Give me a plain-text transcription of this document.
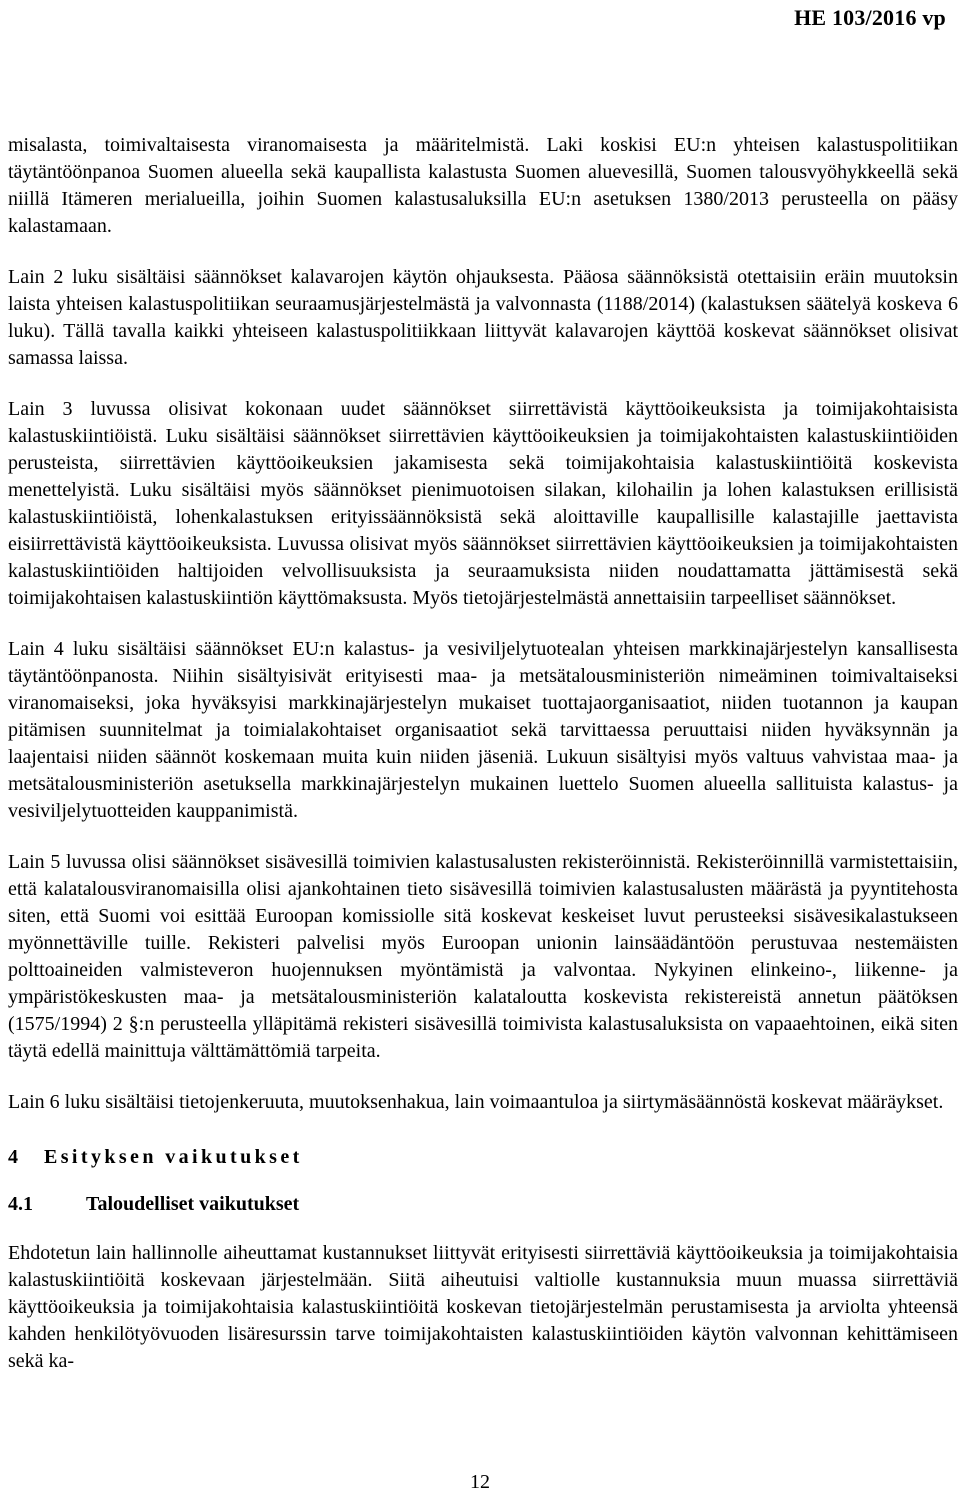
HE 103/2016 vp

misalasta, toimivaltaisesta viranomaisesta ja määritelmistä. Laki koskisi EU:n yhteisen kalastuspolitiikan täytäntöönpanoa Suomen alueella sekä kaupallista kalastusta Suomen aluevesillä, Suomen talousvyöhykkeellä sekä niillä Itämeren merialueilla, joihin Suomen kalastusaluksilla EU:n asetuksen 1380/2013 perusteella on pääsy kalastamaan.

Lain 2 luku sisältäisi säännökset kalavarojen käytön ohjauksesta. Pääosa säännöksistä otettaisiin eräin muutoksin laista yhteisen kalastuspolitiikan seuraamusjärjestelmästä ja valvonnasta (1188/2014) (kalastuksen säätelyä koskeva 6 luku). Tällä tavalla kaikki yhteiseen kalastuspolitiikkaan liittyvät kalavarojen käyttöä koskevat säännökset olisivat samassa laissa.

Lain 3 luvussa olisivat kokonaan uudet säännökset siirrettävistä käyttöoikeuksista ja toimijakohtaisista kalastuskiintiöistä. Luku sisältäisi säännökset siirrettävien käyttöoikeuksien ja toimijakohtaisten kalastuskiintiöiden perusteista, siirrettävien käyttöoikeuksien jakamisesta sekä toimijakohtaisia kalastuskiintiöitä koskevista menettelyistä. Luku sisältäisi myös säännökset pienimuotoisen silakan, kilohailin ja lohen kalastuksen erillisistä kalastuskiintiöistä, lohenkalastuksen erityissäännöksistä sekä aloittaville kaupallisille kalastajille jaettavista eisiirrettävistä käyttöoikeuksista. Luvussa olisivat myös säännökset siirrettävien käyttöoikeuksien ja toimijakohtaisten kalastuskiintiöiden haltijoiden velvollisuuksista ja seuraamuksista niiden noudattamatta jättämisestä sekä toimijakohtaisen kalastuskiintiön käyttömaksusta. Myös tietojärjestelmästä annettaisiin tarpeelliset säännökset.

Lain 4 luku sisältäisi säännökset EU:n kalastus- ja vesiviljelytuotealan yhteisen markkinajärjestelyn kansallisesta täytäntöönpanosta. Niihin sisältyisivät erityisesti maa- ja metsätalousministeriön nimeäminen toimivaltaiseksi viranomaiseksi, joka hyväksyisi markkinajärjestelyn mukaiset tuottajaorganisaatiot, niiden tuotannon ja kaupan pitämisen suunnitelmat ja toimialakohtaiset organisaatiot sekä tarvittaessa peruuttaisi niiden hyväksynnän ja laajentaisi niiden säännöt koskemaan muita kuin niiden jäseniä. Lukuun sisältyisi myös valtuus vahvistaa maa- ja metsätalousministeriön asetuksella markkinajärjestelyn mukainen luettelo Suomen alueella sallituista kalastus- ja vesiviljelytuotteiden kauppanimistä.

Lain 5 luvussa olisi säännökset sisävesillä toimivien kalastusalusten rekisteröinnistä. Rekisteröinnillä varmistettaisiin, että kalatalousviranomaisilla olisi ajankohtainen tieto sisävesillä toimivien kalastusalusten määrästä ja pyyntitehosta siten, että Suomi voi esittää Euroopan komissiolle sitä koskevat keskeiset luvut perusteeksi sisävesikalastukseen myönnettäville tuille. Rekisteri palvelisi myös Euroopan unionin lainsäädäntöön perustuvaa nestemäisten polttoaineiden valmisteveron huojennuksen myöntämistä ja valvontaa. Nykyinen elinkeino-, liikenne- ja ympäristökeskusten maa- ja metsätalousministeriön kalataloutta koskevista rekistereistä annetun päätöksen (1575/1994) 2 §:n perusteella ylläpitämä rekisteri sisävesillä toimivista kalastusaluksista on vapaaehtoinen, eikä siten täytä edellä mainittuja välttämättömiä tarpeita.

Lain 6 luku sisältäisi tietojenkeruuta, muutoksenhakua, lain voimaantuloa ja siirtymäsäännöstä koskevat määräykset.

4 Esityksen vaikutukset
4.1	Taloudelliset vaikutukset

Ehdotetun lain hallinnolle aiheuttamat kustannukset liittyvät erityisesti siirrettäviä käyttöoikeuksia ja toimijakohtaisia kalastuskiintiöitä koskevaan järjestelmään. Siitä aiheutuisi valtiolle kustannuksia muun muassa siirrettäviä käyttöoikeuksia ja toimijakohtaisia kalastuskiintiöitä koskevan tietojärjestelmän perustamisesta ja arviolta yhteensä kahden henkilötyövuoden lisäresurssin tarve toimijakohtaisten kalastuskiintiöiden käytön valvonnan kehittämiseen sekä ka-

12
